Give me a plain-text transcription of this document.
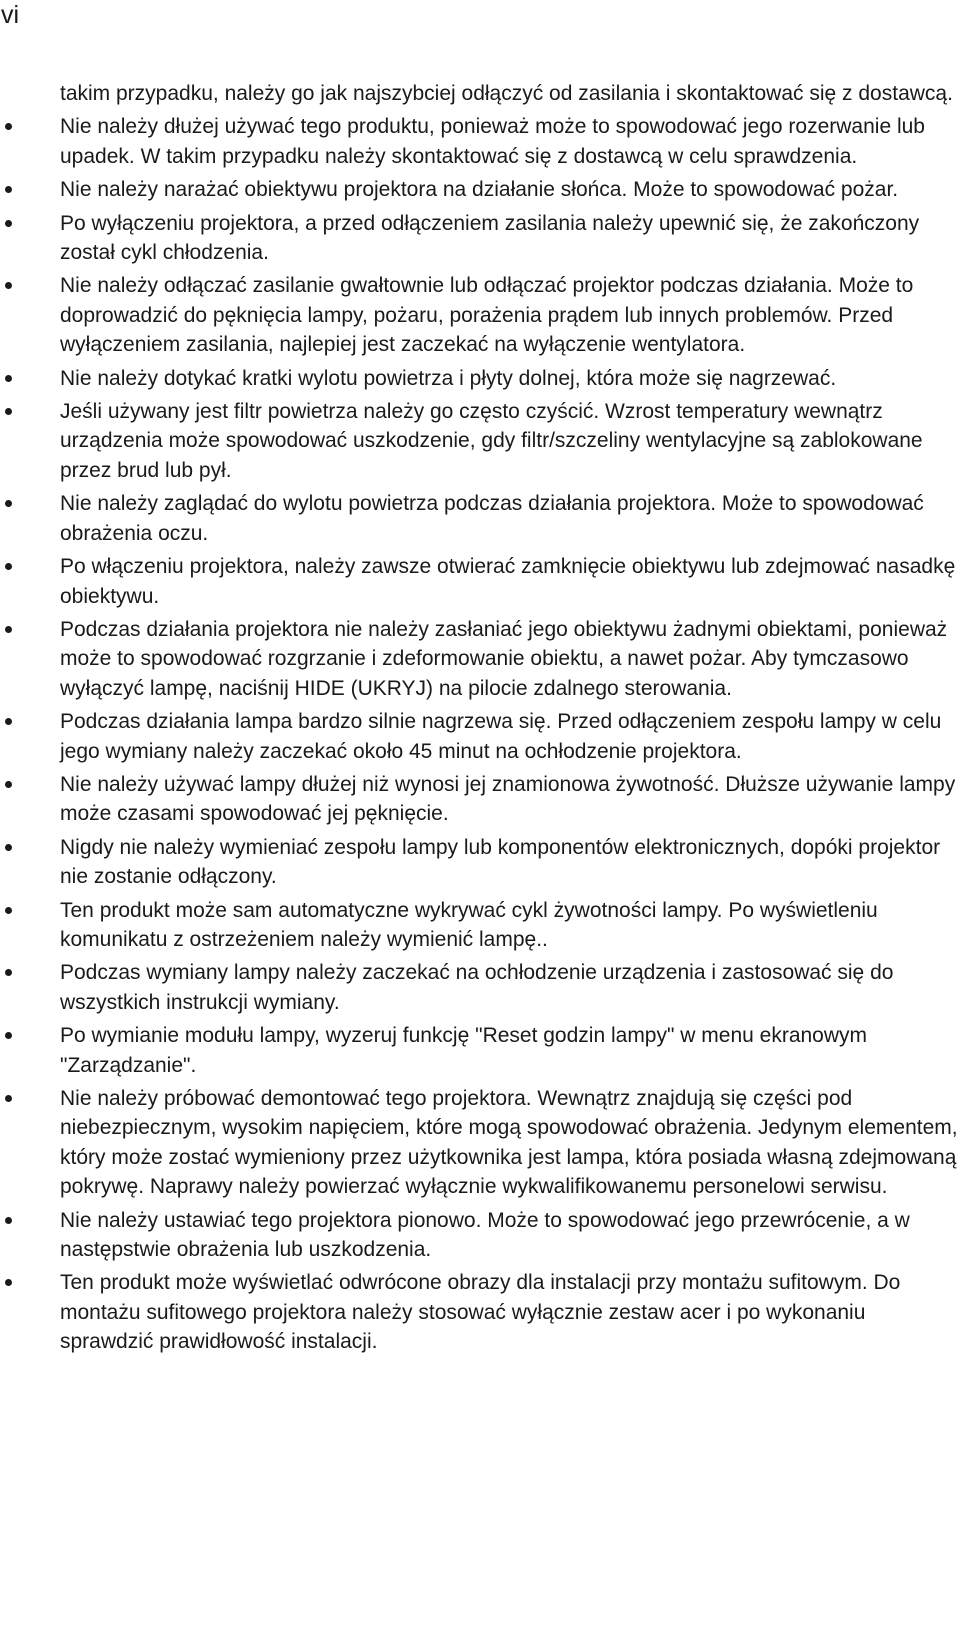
vi

takim przypadku, należy go jak najszybciej odłączyć od zasilania i skontaktować się z dostawcą.

Nie należy dłużej używać tego produktu, ponieważ może to spowodować jego rozerwanie lub upadek. W takim przypadku należy skontaktować się z dostawcą w celu sprawdzenia.
Nie należy narażać obiektywu projektora na działanie słońca. Może to spowodować pożar.
Po wyłączeniu projektora, a przed odłączeniem zasilania należy upewnić się, że zakończony został cykl chłodzenia.
Nie należy odłączać zasilanie gwałtownie lub odłączać projektor podczas działania. Może to doprowadzić do pęknięcia lampy, pożaru, porażenia prądem lub innych problemów. Przed wyłączeniem zasilania, najlepiej jest zaczekać na wyłączenie wentylatora.
Nie należy dotykać kratki wylotu powietrza i płyty dolnej, która może się nagrzewać.
Jeśli używany jest filtr powietrza należy go często czyścić. Wzrost temperatury wewnątrz urządzenia może spowodować uszkodzenie, gdy filtr/szczeliny wentylacyjne są zablokowane przez brud lub pył.
Nie należy zaglądać do wylotu powietrza podczas działania projektora. Może to spowodować obrażenia oczu.
Po włączeniu projektora, należy zawsze otwierać zamknięcie obiektywu lub zdejmować nasadkę obiektywu.
Podczas działania projektora nie należy zasłaniać jego obiektywu żadnymi obiektami, ponieważ może to spowodować rozgrzanie i zdeformowanie obiektu, a nawet pożar. Aby tymczasowo wyłączyć lampę, naciśnij HIDE (UKRYJ) na pilocie zdalnego sterowania.
Podczas działania lampa bardzo silnie nagrzewa się. Przed odłączeniem zespołu lampy w celu jego wymiany należy zaczekać około 45 minut na ochłodzenie projektora.
Nie należy używać lampy dłużej niż wynosi jej znamionowa żywotność. Dłuższe używanie lampy może czasami spowodować jej pęknięcie.
Nigdy nie należy wymieniać zespołu lampy lub komponentów elektronicznych, dopóki projektor nie zostanie odłączony.
Ten produkt może sam automatyczne wykrywać cykl żywotności lampy. Po wyświetleniu komunikatu z ostrzeżeniem należy wymienić lampę..
Podczas wymiany lampy należy zaczekać na ochłodzenie urządzenia i zastosować się do wszystkich instrukcji wymiany.
Po wymianie modułu lampy, wyzeruj funkcję "Reset godzin lampy" w menu ekranowym "Zarządzanie".
Nie należy próbować demontować tego projektora. Wewnątrz znajdują się części pod niebezpiecznym, wysokim napięciem, które mogą spowodować obrażenia. Jedynym elementem, który może zostać wymieniony przez użytkownika jest lampa, która posiada własną zdejmowaną pokrywę. Naprawy należy powierzać wyłącznie wykwalifikowanemu personelowi serwisu.
Nie należy ustawiać tego projektora pionowo. Może to spowodować jego przewrócenie, a w następstwie obrażenia lub uszkodzenia.
Ten produkt może wyświetlać odwrócone obrazy dla instalacji przy montażu sufitowym. Do montażu sufitowego projektora należy stosować wyłącznie zestaw acer i po wykonaniu sprawdzić prawidłowość instalacji.
